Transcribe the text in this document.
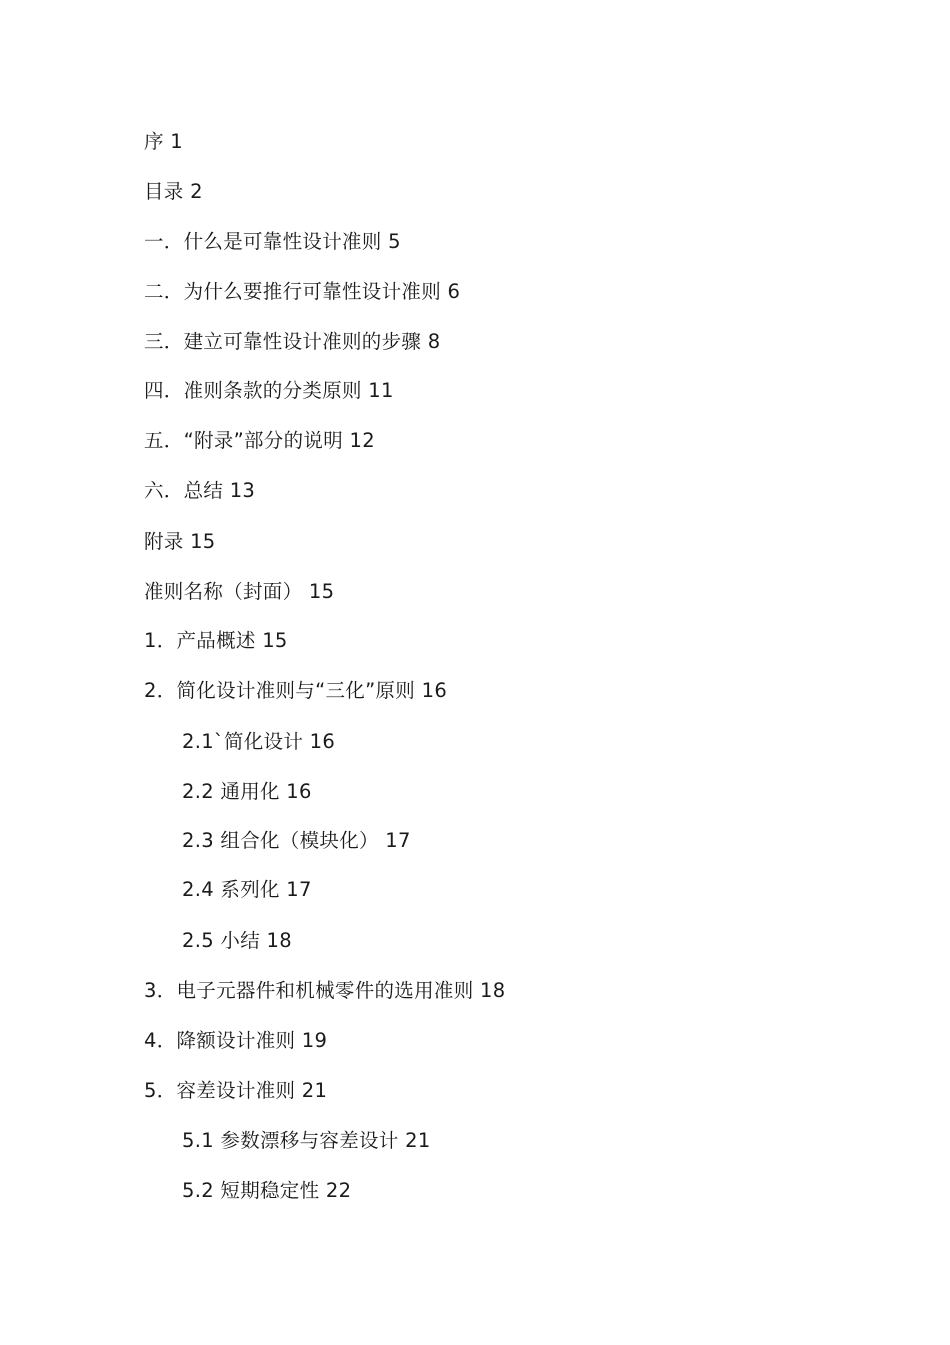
序 1
目录 2
一．什么是可靠性设计准则 5
二．为什么要推行可靠性设计准则 6
三．建立可靠性设计准则的步骤 8
四．准则条款的分类原则 11
五．“附录”部分的说明 12
六．总结 13
附录 15
准则名称（封面） 15
1．产品概述 15
2．简化设计准则与“三化”原则 16
2.1`简化设计 16
2.2 通用化 16
2.3 组合化（模块化） 17
2.4 系列化 17
2.5 小结 18
3．电子元器件和机械零件的选用准则 18
4．降额设计准则 19
5．容差设计准则 21
5.1 参数漂移与容差设计 21
5.2 短期稳定性 22
